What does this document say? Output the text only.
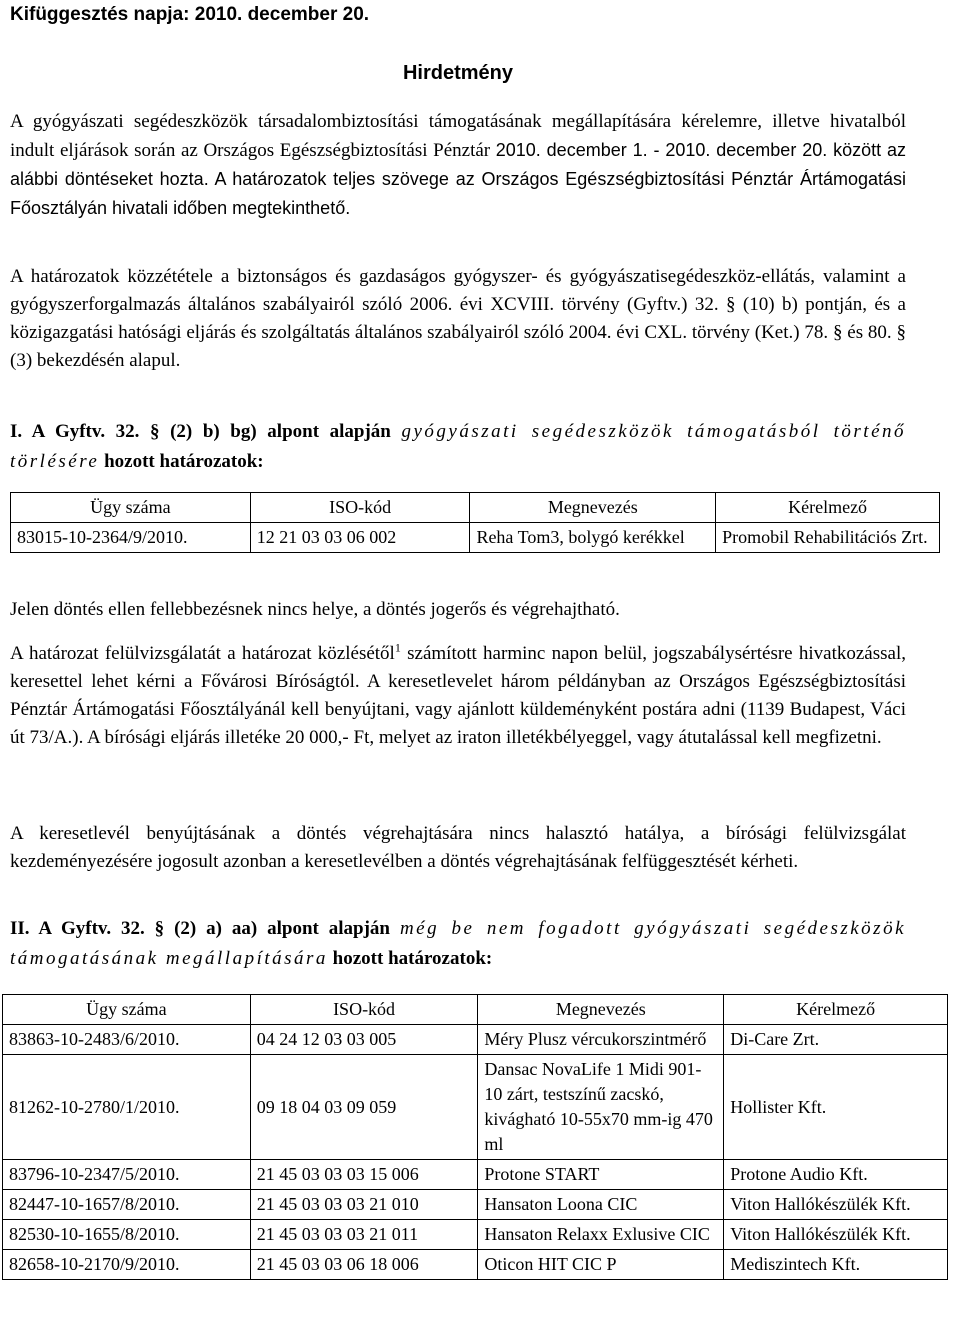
Kifüggesztés napja: 2010. december 20.
Hirdetmény

A gyógyászati segédeszközök társadalombiztosítási támogatásának megállapítására kérelemre, illetve hivatalból indult eljárások során az Országos Egészségbiztosítási Pénztár 2010. december 1. - 2010. december 20. között az alábbi döntéseket hozta. A határozatok teljes szövege az Országos Egészségbiztosítási Pénztár Ártámogatási Főosztályán hivatali időben megtekinthető.

A határozatok közzététele a biztonságos és gazdaságos gyógyszer- és gyógyászatisegédeszköz-ellátás, valamint a gyógyszerforgalmazás általános szabályairól szóló 2006. évi XCVIII. törvény (Gyftv.) 32. § (10) b) pontján, és a közigazgatási hatósági eljárás és szolgáltatás általános szabályairól szóló 2004. évi CXL. törvény (Ket.) 78. § és 80. § (3) bekezdésén alapul.

I. A Gyftv. 32. § (2) b) bg) alpont alapján gyógyászati segédeszközök támogatásból történő törlésére hozott határozatok:

Ügy száma	ISO-kód	Megnevezés	Kérelmező
83015-10-2364/9/2010.	12 21 03 03 06 002	Reha Tom3, bolygó kerékkel	Promobil Rehabilitációs Zrt.

Jelen döntés ellen fellebbezésnek nincs helye, a döntés jogerős és végrehajtható.

A határozat felülvizsgálatát a határozat közlésétől$^1$ számított harminc napon belül, jogszabálysértésre hivatkozással, keresettel lehet kérni a Fővárosi Bíróságtól. A keresetlevelet három példányban az Országos Egészségbiztosítási Pénztár Ártámogatási Főosztályánál kell benyújtani, vagy ajánlott küldeményként postára adni (1139 Budapest, Váci út 73/A.). A bírósági eljárás illetéke 20 000,- Ft, melyet az iraton illetékbélyeggel, vagy átutalással kell megfizetni.

A keresetlevél benyújtásának a döntés végrehajtására nincs halasztó hatálya, a bírósági felülvizsgálat kezdeményezésére jogosult azonban a keresetlevélben a döntés végrehajtásának felfüggesztését kérheti.

II. A Gyftv. 32. § (2) a) aa) alpont alapján még be nem fogadott gyógyászati segédeszközök támogatásának megállapítására hozott határozatok:

Ügy száma	ISO-kód	Megnevezés	Kérelmező
83863-10-2483/6/2010.	04 24 12 03 03 005	Méry Plusz vércukorszintmérő	Di-Care Zrt.
81262-10-2780/1/2010.	09 18 04 03 09 059	Dansac NovaLife 1 Midi 901-10 zárt, testszínű zacskó, kivágható 10-55x70 mm-ig 470 ml	Hollister Kft.
83796-10-2347/5/2010.	21 45 03 03 03 15 006	Protone START	Protone Audio Kft.
82447-10-1657/8/2010.	21 45 03 03 03 21 010	Hansaton Loona CIC	Viton Hallókészülék Kft.
82530-10-1655/8/2010.	21 45 03 03 03 21 011	Hansaton Relaxx Exlusive CIC	Viton Hallókészülék Kft.
82658-10-2170/9/2010.	21 45 03 03 06 18 006	Oticon HIT CIC P	Mediszintech Kft.
